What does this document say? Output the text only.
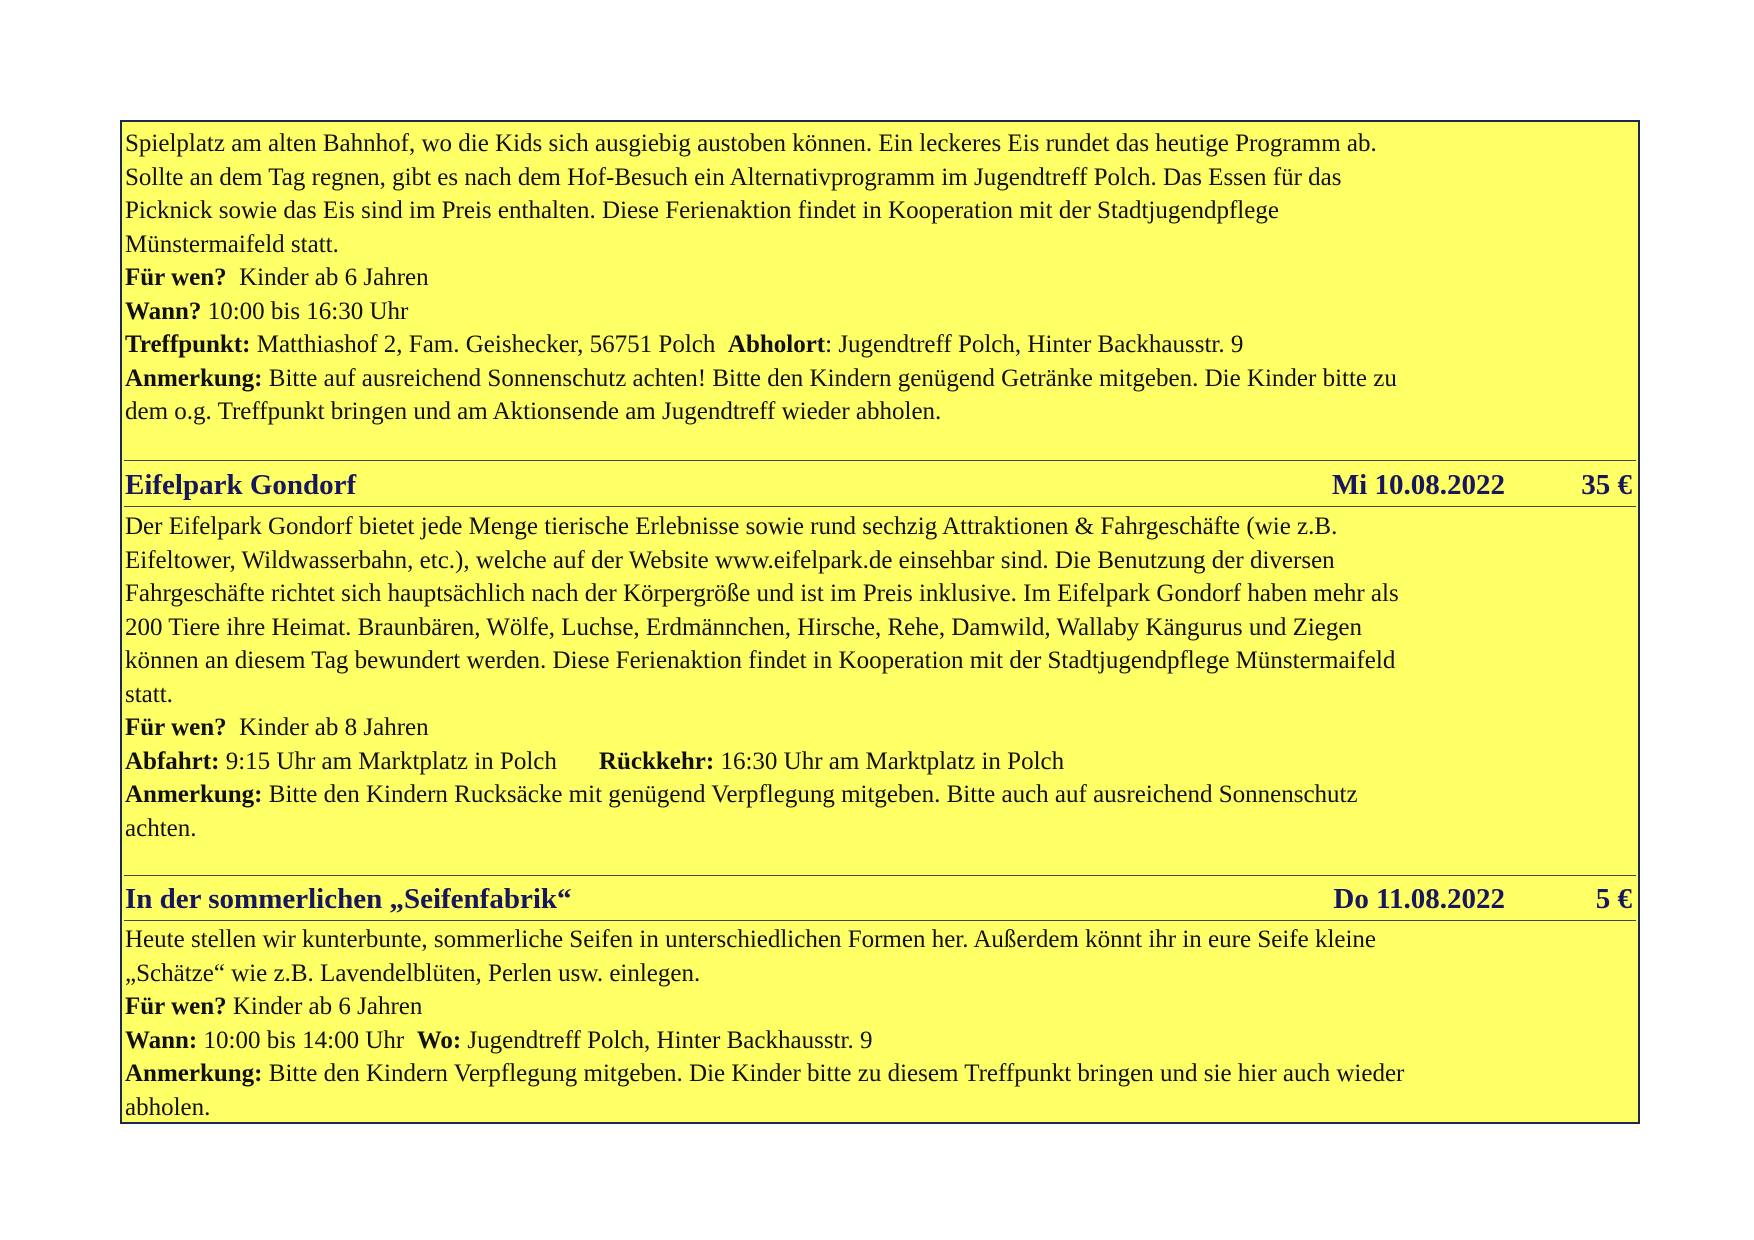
Spielplatz am alten Bahnhof, wo die Kids sich ausgiebig austoben können. Ein leckeres Eis rundet das heutige Programm ab.
Sollte an dem Tag regnen, gibt es nach dem Hof-Besuch ein Alternativprogramm im Jugendtreff Polch. Das Essen für das
Picknick sowie das Eis sind im Preis enthalten. Diese Ferienaktion findet in Kooperation mit der Stadtjugendpflege
Münstermaifeld statt.
Für wen? Kinder ab 6 Jahren
Wann? 10:00 bis 16:30 Uhr
Treffpunkt: Matthiashof 2, Fam. Geishecker, 56751 Polch Abholort: Jugendtreff Polch, Hinter Backhausstr. 9
Anmerkung: Bitte auf ausreichend Sonnenschutz achten! Bitte den Kindern genügend Getränke mitgeben. Die Kinder bitte zu
dem o.g. Treffpunkt bringen und am Aktionsende am Jugendtreff wieder abholen.
Eifelpark Gondorf	Mi 10.08.2022	35 €
Der Eifelpark Gondorf bietet jede Menge tierische Erlebnisse sowie rund sechzig Attraktionen & Fahrgeschäfte (wie z.B.
Eifeltower, Wildwasserbahn, etc.), welche auf der Website www.eifelpark.de einsehbar sind. Die Benutzung der diversen
Fahrgeschäfte richtet sich hauptsächlich nach der Körpergröße und ist im Preis inklusive. Im Eifelpark Gondorf haben mehr als
200 Tiere ihre Heimat. Braunbären, Wölfe, Luchse, Erdmännchen, Hirsche, Rehe, Damwild, Wallaby Kängurus und Ziegen
können an diesem Tag bewundert werden. Diese Ferienaktion findet in Kooperation mit der Stadtjugendpflege Münstermaifeld
statt.
Für wen? Kinder ab 8 Jahren
Abfahrt: 9:15 Uhr am Marktplatz in Polch Rückkehr: 16:30 Uhr am Marktplatz in Polch
Anmerkung: Bitte den Kindern Rucksäcke mit genügend Verpflegung mitgeben. Bitte auch auf ausreichend Sonnenschutz
achten.
In der sommerlichen „Seifenfabrik“	Do 11.08.2022	5 €
Heute stellen wir kunterbunte, sommerliche Seifen in unterschiedlichen Formen her. Außerdem könnt ihr in eure Seife kleine
„Schätze“ wie z.B. Lavendelblüten, Perlen usw. einlegen.
Für wen? Kinder ab 6 Jahren
Wann: 10:00 bis 14:00 Uhr Wo: Jugendtreff Polch, Hinter Backhausstr. 9
Anmerkung: Bitte den Kindern Verpflegung mitgeben. Die Kinder bitte zu diesem Treffpunkt bringen und sie hier auch wieder
abholen.
